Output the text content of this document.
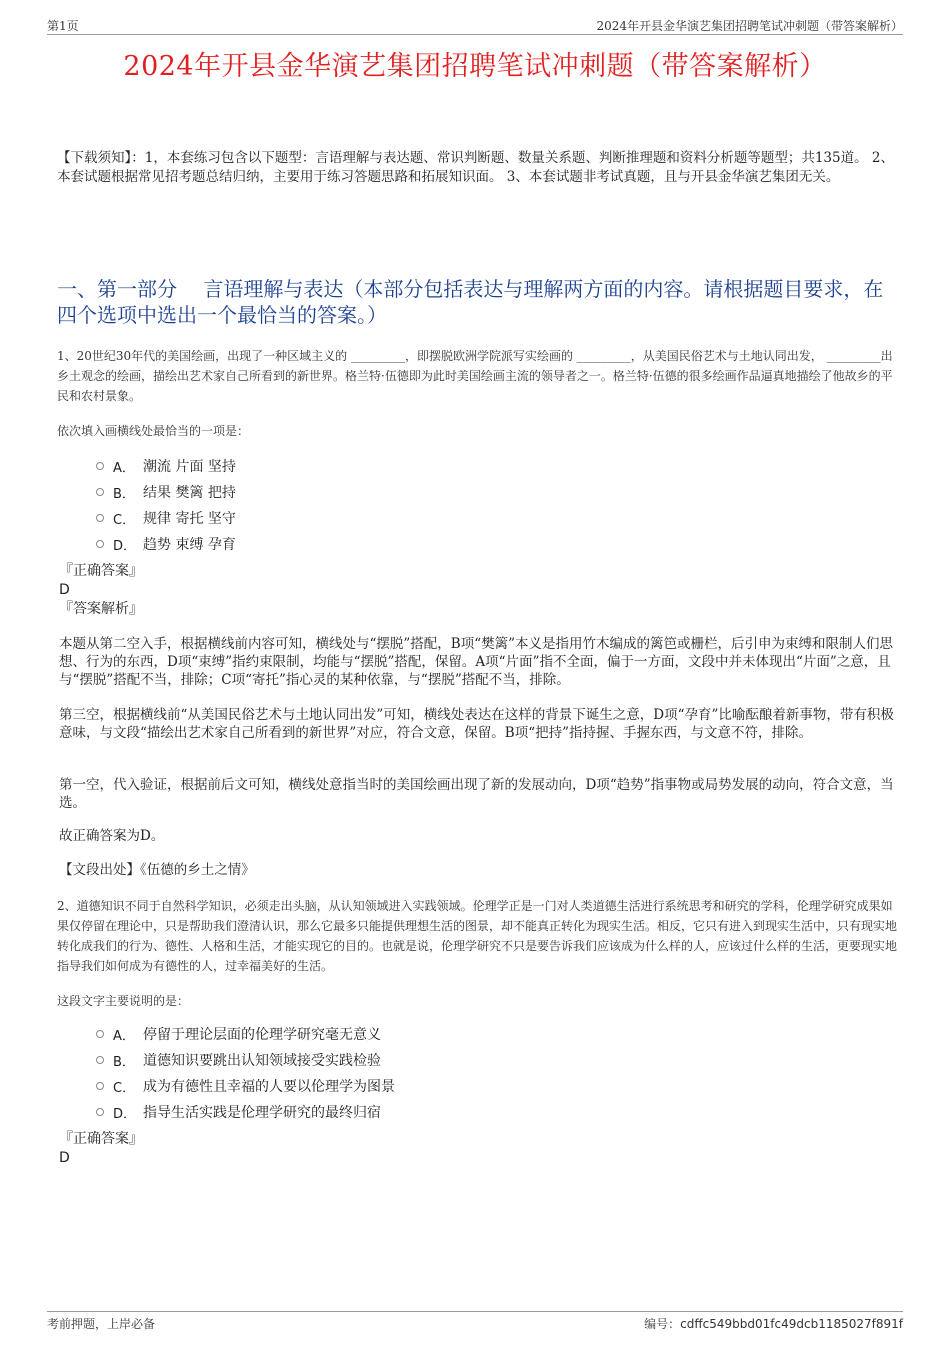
第1页	2024年开县金华演艺集团招聘笔试冲刺题（带答案解析）
2024年开县金华演艺集团招聘笔试冲刺题（带答案解析）
【下载须知】：1，本套练习包含以下题型：言语理解与表达题、常识判断题、数量关系题、判断推理题和资料分析题等题型；共135道。 2、本套试题根据常见招考题总结归纳，主要用于练习答题思路和拓展知识面。 3、本套试题非考试真题，且与开县金华演艺集团无关。
一、第一部分　 言语理解与表达（本部分包括表达与理解两方面的内容。请根据题目要求，在四个选项中选出一个最恰当的答案。）
1、20世纪30年代的美国绘画，出现了一种区域主义的 _________，即摆脱欧洲学院派写实绘画的 _________，从美国民俗艺术与土地认同出发， _________出乡土观念的绘画，描绘出艺术家自己所看到的新世界。格兰特·伍德即为此时美国绘画主流的领导者之一。格兰特·伍德的很多绘画作品逼真地描绘了他故乡的平民和农村景象。
依次填入画横线处最恰当的一项是：
A． 潮流 片面 坚持
B． 结果 樊篱 把持
C． 规律 寄托 坚守
D． 趋势 束缚 孕育
『正确答案』
D
『答案解析』
本题从第二空入手，根据横线前内容可知，横线处与“摆脱”搭配，B项“樊篱”本义是指用竹木编成的篱笆或栅栏，后引申为束缚和限制人们思想、行为的东西，D项“束缚”指约束限制，均能与“摆脱”搭配，保留。A项“片面”指不全面，偏于一方面，文段中并未体现出“片面”之意，且与“摆脱”搭配不当，排除；C项“寄托”指心灵的某种依靠，与“摆脱”搭配不当，排除。
第三空，根据横线前“从美国民俗艺术与土地认同出发”可知，横线处表达在这样的背景下诞生之意，D项“孕育”比喻酝酿着新事物，带有积极意味，与文段“描绘出艺术家自己所看到的新世界”对应，符合文意，保留。B项“把持”指持握、手握东西，与文意不符，排除。
第一空，代入验证，根据前后文可知，横线处意指当时的美国绘画出现了新的发展动向，D项“趋势”指事物或局势发展的动向，符合文意，当选。
故正确答案为D。
【文段出处】《伍德的乡土之情》
2、道德知识不同于自然科学知识，必须走出头脑，从认知领域进入实践领域。伦理学正是一门对人类道德生活进行系统思考和研究的学科，伦理学研究成果如果仅停留在理论中，只是帮助我们澄清认识，那么它最多只能提供理想生活的图景，却不能真正转化为现实生活。相反，它只有进入到现实生活中，只有现实地转化成我们的行为、德性、人格和生活，才能实现它的目的。也就是说，伦理学研究不只是要告诉我们应该成为什么样的人，应该过什么样的生活，更要现实地指导我们如何成为有德性的人，过幸福美好的生活。
这段文字主要说明的是：
A． 停留于理论层面的伦理学研究毫无意义
B． 道德知识要跳出认知领域接受实践检验
C． 成为有德性且幸福的人要以伦理学为图景
D． 指导生活实践是伦理学研究的最终归宿
『正确答案』
D
考前押题，上岸必备	编号：cdffc549bbd01fc49dcb1185027f891f
